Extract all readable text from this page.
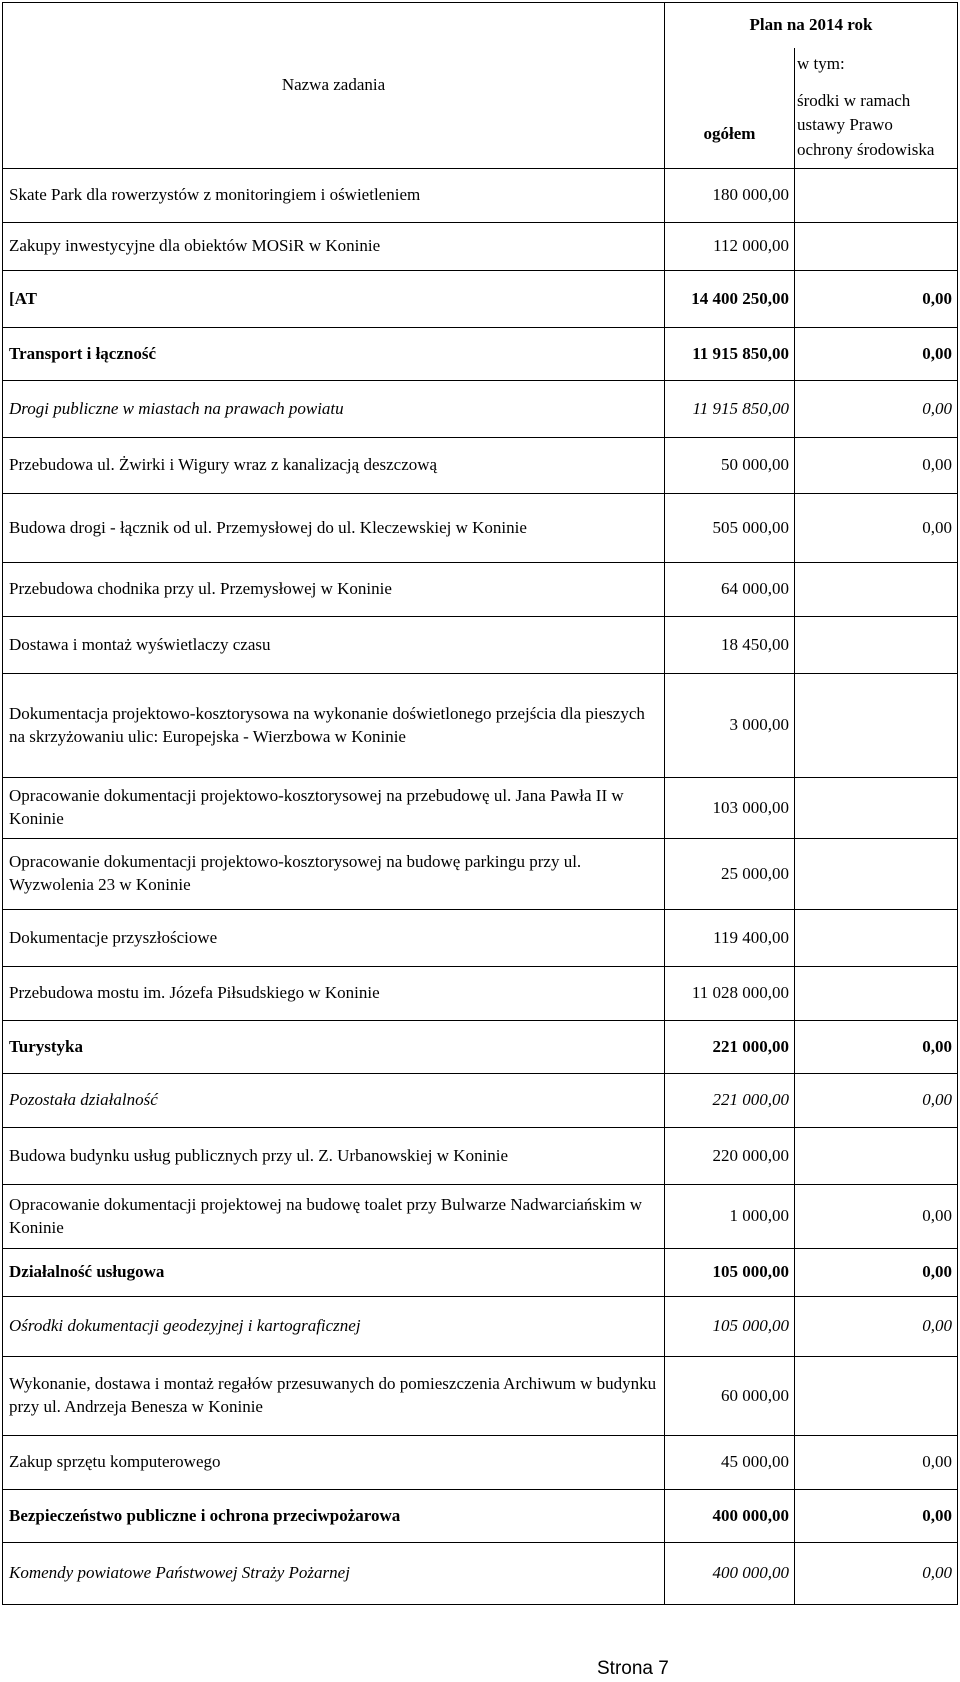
Nazwa zadania	Plan na 2014 rok	
	ogółem	w tym:
		środki w ramach ustawy Prawo ochrony środowiska
Skate Park dla rowerzystów z monitoringiem i oświetleniem	180 000,00	
Zakupy inwestycyjne dla obiektów MOSiR w Koninie	112 000,00	
[AT	14 400 250,00	0,00
Transport i łączność	11 915 850,00	0,00
Drogi publiczne w miastach na prawach powiatu	11 915 850,00	0,00
Przebudowa ul. Żwirki i Wigury wraz z kanalizacją deszczową	50 000,00	0,00
Budowa drogi - łącznik od ul. Przemysłowej do ul. Kleczewskiej w Koninie	505 000,00	0,00
Przebudowa chodnika przy ul. Przemysłowej w Koninie	64 000,00	
Dostawa i montaż wyświetlaczy czasu	18 450,00	
Dokumentacja projektowo-kosztorysowa na wykonanie doświetlonego przejścia dla pieszych na skrzyżowaniu ulic: Europejska - Wierzbowa w Koninie	3 000,00	
Opracowanie dokumentacji projektowo-kosztorysowej na przebudowę ul. Jana Pawła II w Koninie	103 000,00	
Opracowanie dokumentacji projektowo-kosztorysowej na budowę parkingu przy ul. Wyzwolenia 23 w Koninie	25 000,00	
Dokumentacje przyszłościowe	119 400,00	
Przebudowa mostu im. Józefa Piłsudskiego w Koninie	11 028 000,00	
Turystyka	221 000,00	0,00
Pozostała działalność	221 000,00	0,00
Budowa budynku usług publicznych przy ul. Z. Urbanowskiej w Koninie	220 000,00	
Opracowanie dokumentacji projektowej na budowę toalet przy Bulwarze Nadwarciańskim w Koninie	1 000,00	0,00
Działalność usługowa	105 000,00	0,00
Ośrodki dokumentacji geodezyjnej i kartograficznej	105 000,00	0,00
Wykonanie, dostawa i montaż regałów przesuwanych do pomieszczenia Archiwum w budynku przy ul. Andrzeja Benesza w Koninie	60 000,00	
Zakup sprzętu komputerowego	45 000,00	0,00
Bezpieczeństwo publiczne i ochrona przeciwpożarowa	400 000,00	0,00
Komendy powiatowe Państwowej Straży Pożarnej	400 000,00	0,00
Strona 7
